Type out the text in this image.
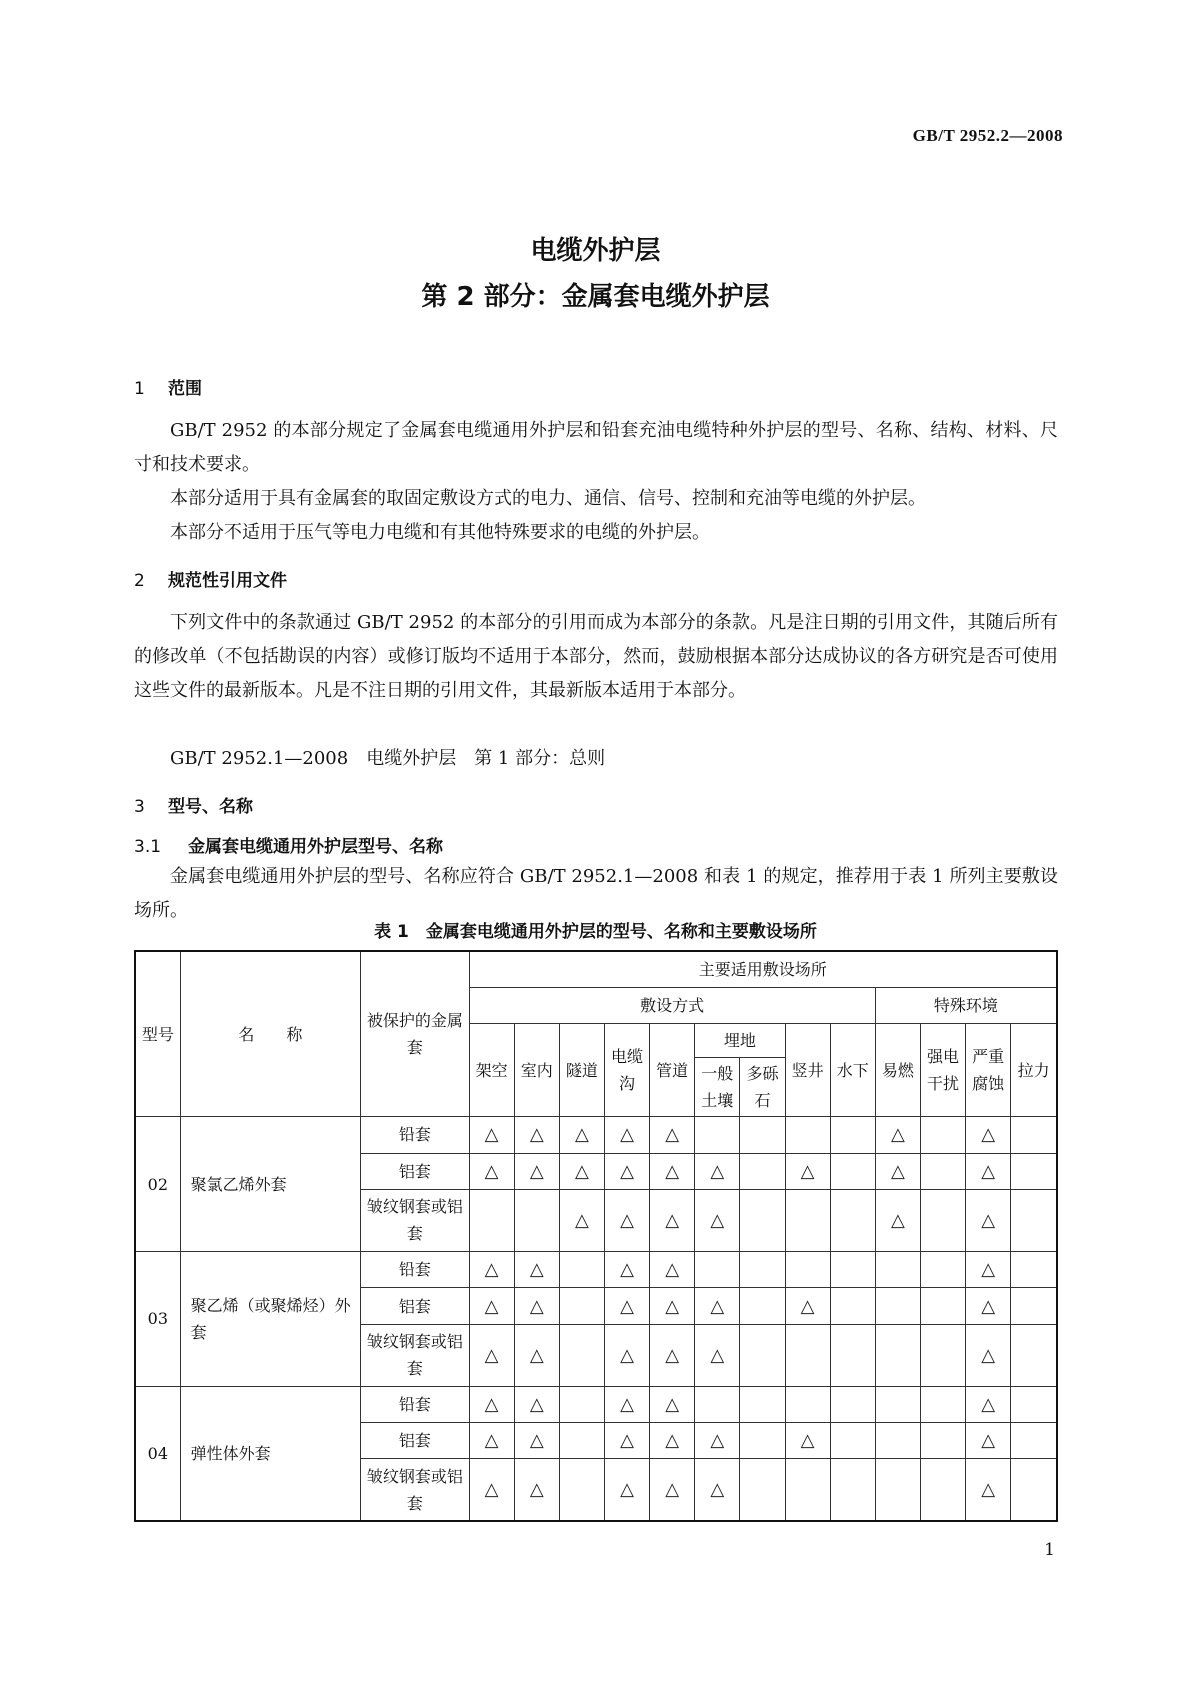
GB/T 2952.2—2008
电缆外护层
第 2 部分：金属套电缆外护层
1 范围
GB/T 2952 的本部分规定了金属套电缆通用外护层和铅套充油电缆特种外护层的型号、名称、结构、材料、尺寸和技术要求。
本部分适用于具有金属套的取固定敷设方式的电力、通信、信号、控制和充油等电缆的外护层。
本部分不适用于压气等电力电缆和有其他特殊要求的电缆的外护层。
2 规范性引用文件
下列文件中的条款通过 GB/T 2952 的本部分的引用而成为本部分的条款。凡是注日期的引用文件，其随后所有的修改单（不包括勘误的内容）或修订版均不适用于本部分，然而，鼓励根据本部分达成协议的各方研究是否可使用这些文件的最新版本。凡是不注日期的引用文件，其最新版本适用于本部分。
GB/T 2952.1—2008　电缆外护层　第 1 部分：总则
3 型号、名称
3.1 金属套电缆通用外护层型号、名称
金属套电缆通用外护层的型号、名称应符合 GB/T 2952.1—2008 和表 1 的规定，推荐用于表 1 所列主要敷设场所。
表 1　金属套电缆通用外护层的型号、名称和主要敷设场所
型号	名　　称	被保护的金属套	主要适用敷设场所												
			敷设方式									特殊环境			
			架空	室内	隧道	电缆沟	管道	埋地		竖井	水下	易燃	强电干扰	严重腐蚀	拉力
								一般土壤	多砾石						
02	聚氯乙烯外套	铅套	△	△	△	△	△					△		△	
		铝套	△	△	△	△	△	△		△		△		△	
		皱纹钢套或铝套			△	△	△	△				△		△	
03	聚乙烯（或聚烯烃）外套	铅套	△	△		△	△							△	
		铝套	△	△		△	△	△		△				△	
		皱纹钢套或铝套	△	△		△	△	△						△	
04	弹性体外套	铅套	△	△		△	△							△	
		铝套	△	△		△	△	△		△				△	
		皱纹钢套或铝套	△	△		△	△	△						△	
1
